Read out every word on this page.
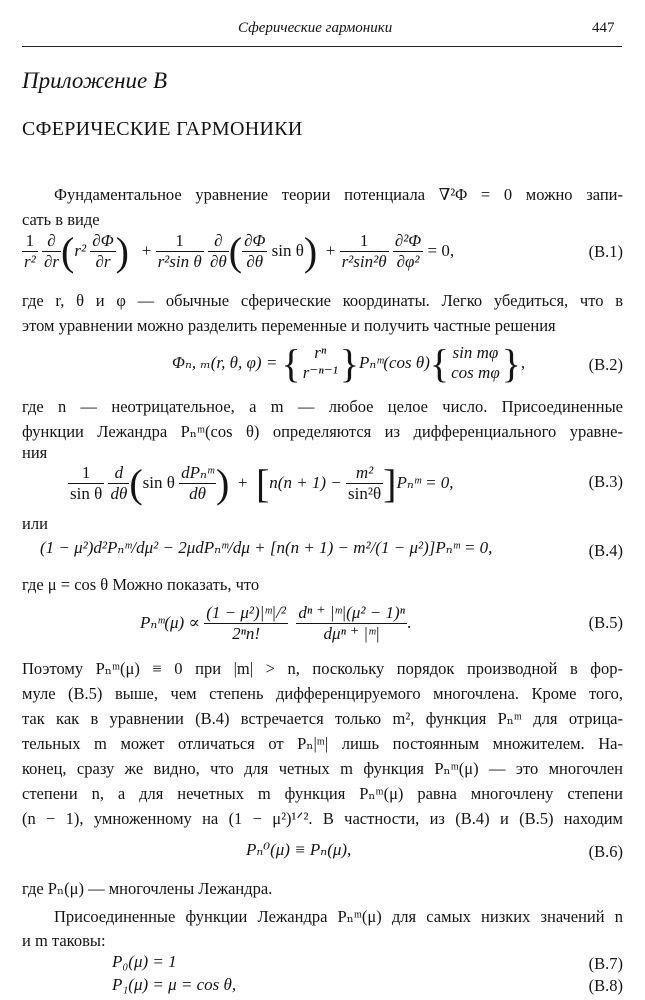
Сферические гармоники	447
Приложение В
СФЕРИЧЕСКИЕ ГАРМОНИКИ
Фундаментальное уравнение теории потенциала ∇²Φ = 0 можно запи-
сать в виде
$\frac{1}{\text{r²}}$
$\frac{\partial}{\partial r}$ ( r²
$\frac{\partial\Phi}{\partial r}$ )
+
$\frac{1}{\text{r²sin θ}}$
$\frac{\partial}{\partial\theta}$ ( $\frac{\partial\Phi}{\partial\theta}$
sin θ )
+
$\frac{1}{\text{r²sin²θ}}$
$\frac{\text{∂²Φ}}{\text{∂φ²}}$
= 0,	(В.1)
где r, θ и φ — обычные сферические координаты. Легко убедиться, что в
этом уравнении можно разделить переменные и получить частные решения
Φₙ, ₘ(r, θ, φ) =
{ rⁿ
r⁻ⁿ⁻¹ } Pₙᵐ(cos θ) { sin mφ
cos mφ } ,	(В.2)
где n — неотрицательное, a m — любое целое число. Присоединенные
функции Лежандра Pₙᵐ(cos θ) определяются из дифференциального уравне-
ния
$\frac{1}{\text{sin θ}}$
$\frac{d}{d\theta}$ ( sin θ
$\frac{\text{dPₙᵐ}}{d\theta}$ )
+
[ n(n + 1) −
$\frac{\text{m²}}{\text{sin²θ}}$ ] Pₙᵐ = 0,	(В.3)
или
(1 − μ²)d²Pₙᵐ/dμ² − 2μdPₙᵐ/dμ + [n(n + 1) − m²/(1 − μ²)]Pₙᵐ = 0,	(В.4)
где μ = cos θ Можно показать, что
Pₙᵐ(μ) ∝
$\frac{\text{(1 − μ²)|ᵐ|/²}}{\text{2ⁿn!}}$
$\frac{\text{dⁿ ⁺ |ᵐ|(μ² − 1)ⁿ}}{\text{dμⁿ ⁺ |ᵐ|}}$ .	(В.5)
Поэтому Pₙᵐ(μ) ≡ 0 при |m| > n, поскольку порядок производной в фор-
муле (В.5) выше, чем степень дифференцируемого многочлена. Кроме того,
так как в уравнении (В.4) встречается только m², функция Pₙᵐ для отрица-
тельных m может отличаться от Pₙ|ᵐ| лишь постоянным множителем. На-
конец, сразу же видно, что для четных m функция Pₙᵐ(μ) — это многочлен
степени n, а для нечетных m функция Pₙᵐ(μ) равна многочлену степени
(n − 1), умноженному на (1 − μ²)¹ᐟ². В частности, из (В.4) и (В.5) находим
Pₙ⁰(μ) ≡ Pₙ(μ),	(В.6)
где Pₙ(μ) — многочлены Лежандра.
Присоединенные функции Лежандра Pₙᵐ(μ) для самых низких значений n
и m таковы:
P₀(μ) = 1	(В.7)
P₁(μ) = μ = cos θ,	(В.8)
